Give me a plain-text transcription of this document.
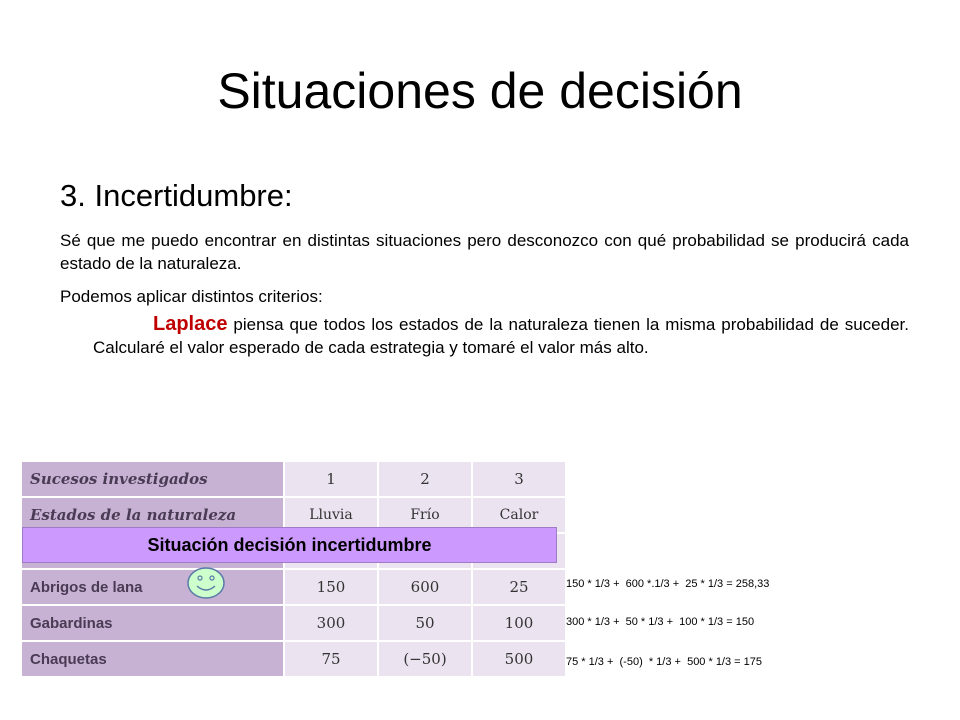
Situaciones de decisión
3. Incertidumbre:
Sé que me puedo encontrar en distintas situaciones pero desconozco con qué probabilidad se producirá cada estado de la naturaleza.
Podemos aplicar distintos criterios:
Laplace piensa que todos los estados de la naturaleza tienen la misma probabilidad de suceder. Calcularé el valor esperado de cada estrategia y tomaré el valor más alto.
Sucesos investigados	1	2	3
Estados de la naturaleza	Lluvia	Frío	Calor

Abrigos de lana	150	600	25
Gabardinas	300	50	100
Chaquetas	75	(−50)	500
Situación decisión incertidumbre
150 * 1/3 +  600 *.1/3 +  25 * 1/3 = 258,33
300 * 1/3 +  50 * 1/3 +  100 * 1/3 = 150
75 * 1/3 +  (-50)  * 1/3 +  500 * 1/3 = 175
